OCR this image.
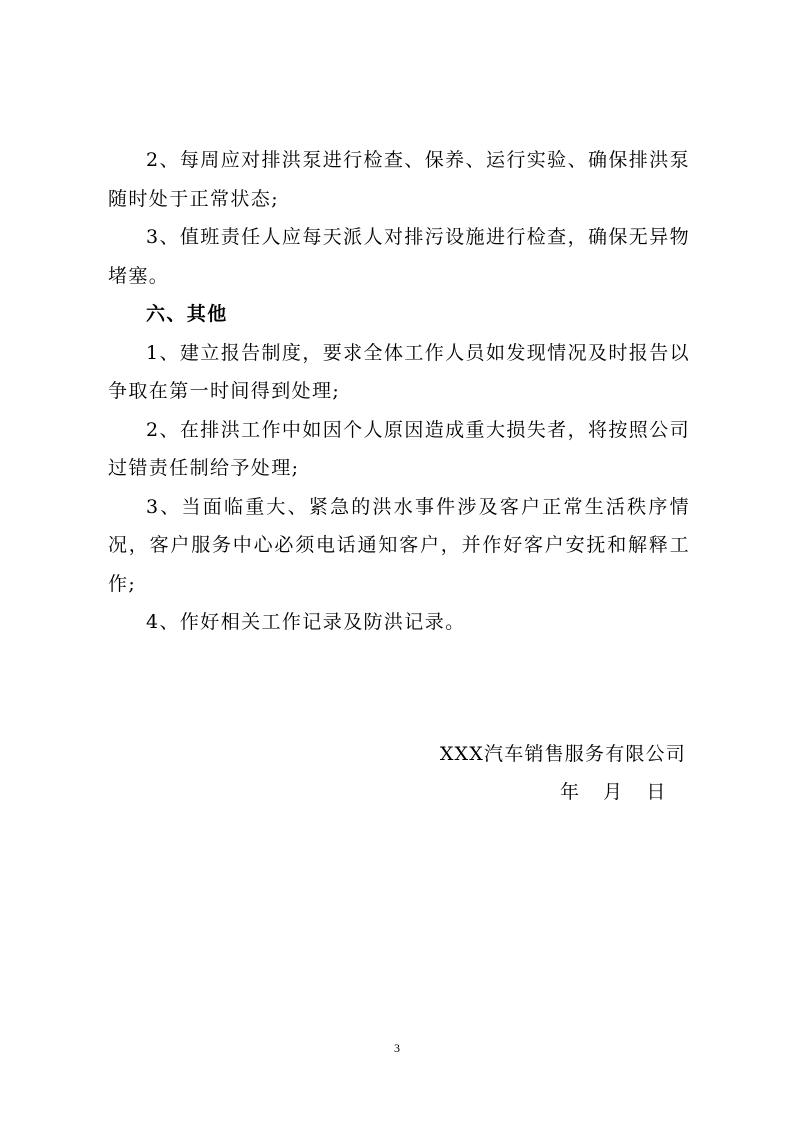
2、每周应对排洪泵进行检查、保养、运行实验、确保排洪泵随时处于正常状态;

3、值班责任人应每天派人对排污设施进行检查，确保无异物堵塞。

六、其他

1、建立报告制度，要求全体工作人员如发现情况及时报告以争取在第一时间得到处理;

2、在排洪工作中如因个人原因造成重大损失者，将按照公司过错责任制给予处理;

3、当面临重大、紧急的洪水事件涉及客户正常生活秩序情况，客户服务中心必须电话通知客户，并作好客户安抚和解释工作;

4、作好相关工作记录及防洪记录。

XXX汽车销售服务有限公司
年    月    日
3
